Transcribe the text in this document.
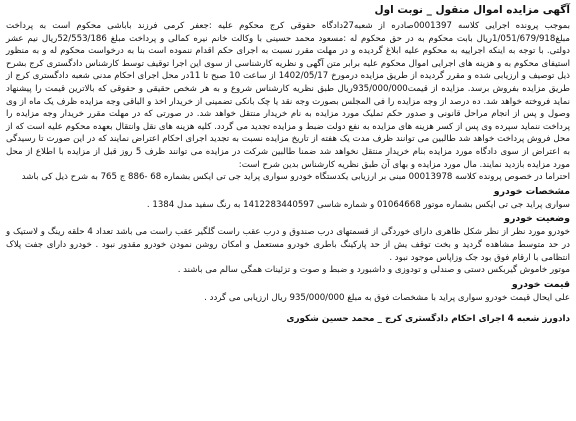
آگهی مزایده اموال منقول _ نوبت اول

بموجب پرونده اجرایی کلاسه 0001397صادره از شعبه27دادگاه حقوقی کرج محکوم علیه :جعفر کرمی فرزند باباشی محکوم است به پرداخت مبلغ1/051/679/918ریال بابت محکوم به در حق محکوم له :مسعود محمد حسینی با وکالت خانم نیره کمالی و پرداخت مبلغ 52/553/186ریال نیم عشر دولتی. با توجه به اینکه اجراییه به محکوم علیه ابلاغ گردیده و در مهلت مقرر نسبت به اجرای حکم اقدام ننموده است بنا به درخواست محکوم له و به منظور استیفای محکوم به و هزینه های اجرایی اموال محکوم علیه برابر متن آگهی و نظریه کارشناسی از سوی این اجرا توقیف توسط کارشناس دادگستری کرج بشرح ذیل توصیف و ارزیابی شده و مقرر گردیده از طریق مزایده درمورخ 1402/05/17 از ساعت 10 صبح تا 11در محل اجرای احکام مدنی شعبه دادگستری کرج از طریق مزایده بفروش برسد. مزایده از قیمت935/000/000ریال طبق نظریه کارشناس شروع و به هر شخص حقیقی و حقوقی که بالاترین قیمت را پیشنهاد نماید فروخته خواهد شد. ده درصد از وجه مزایده را فی المجلس بصورت وجه نقد یا چک بانکی تضمینی از خریدار اخذ و الباقی وجه مزایده ظرف یک ماه از وی وصول و پس از انجام مراحل قانونی و صدور حکم تملیک مورد مزایده به نام خریدار منتقل خواهد شد. در صورتی که در مهلت مقرر خریدار وجه مزایده را پرداخت ننماید سپرده وی پس از کسر هزینه های مزایده به نفع دولت ضبط و مزایده تجدید می گردد. کلیه هزینه های نقل وانتقال بعهده محکوم علیه است که از محل فروش پرداخت خواهد شد طالبین می توانند ظرف مدت یک هفته از تاریخ مزایده نسبت به تجدید اجرای احکام اعتراض نمایند که در این صورت تا رسیدگی به اعتراض از سوی دادگاه مورد مزایده بنام خریدار منتقل نخواهد شد ضمنا طالبین شرکت در مزایده می توانند ظرف 5 روز قبل از مزایده با اطلاع از محل مورد مزایده بازدید نمایند. مال مورد مزایده و بهای آن طبق نظریه کارشناس بدین شرح است:

احتراما در خصوص پرونده کلاسه 00013978 مبنی بر ارزیابی یکدستگاه خودرو سواری پراید جی تی ایکس بشماره 68 -886 ج 765 به شرح ذیل کی باشد

مشخصات خودرو

سواری پراید جی تی ایکس بشماره موتور 01064668 و شماره شاسی 1412283440597 به رنگ سفید مدل 1384 .

وضعیت خودرو

خودرو مورد نظر از نظر شکل ظاهری دارای خوردگی از قسمتهای درب صندوق و درب عقب راست گلگیر عقب راست می باشد تعداد 4 حلقه رینگ و لاستیک و در حد متوسط مشاهده گردید و بخت توقف یش از حد پارکینگ باطری خودرو مستعمل و امکان روشن نمودن خودرو مقدور نبود . خودرو دارای جفت پلاک انتظامی با ارقام فوق بود جک وزاپاس موجود نبود .

موتور خاموش گیربکس دستی و صندلی و تودوزی و داشبورد و ضبط و صوت و تزئینات همگی سالم می باشند .

قیمت خودرو

علی ایحال قیمت خودرو سواری پراید با مشخصات فوق به مبلغ 935/000/000 ریال ارزیابی می گردد .

دادورز شعبه 4 اجرای احکام دادگستری کرج _ محمد حسین شکوری
